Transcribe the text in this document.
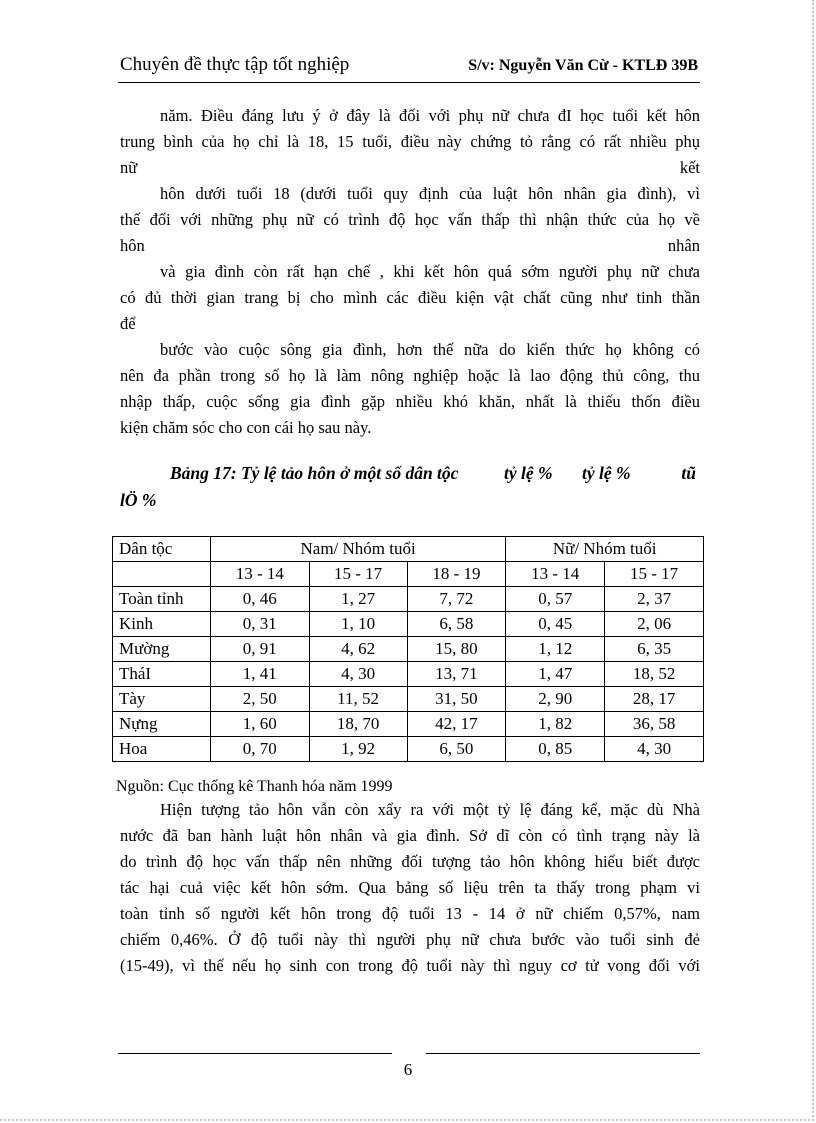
Chuyên đề thực tập tốt nghiệp	S/v: Nguyễn Văn Cừ - KTLĐ 39B
năm. Điều đáng lưu ý ở đây là đối với phụ nữ chưa đI học tuổi kết hôn
trung bình của họ chỉ là 18, 15 tuổi, điều này chứng tỏ rằng có rất nhiều phụ
nữ	kết
hôn dưới tuổi 18 (dưới tuổi quy định của luật hôn nhân gia đình), vì
thế đối với những phụ nữ có trình độ học vấn thấp thì nhận thức của họ về
hôn	nhân
và gia đình còn rất hạn chế , khi kết hôn quá sớm người phụ nữ chưa
có đủ thời gian trang bị cho mình các điều kiện vật chất cũng như tinh thần
để
bước vào cuộc sông gia đình, hơn thế nữa do kiến thức họ không có
nên đa phần trong số họ là làm nông nghiệp hoặc là lao động thủ công, thu
nhập thấp, cuộc sống gia đình gặp nhiều khó khăn, nhất là thiếu thốn điều
kiện chăm sóc cho con cái họ sau này.
Bảng 17: Tỷ lệ tảo hôn ở một số dân tộc	tỷ lệ % tỷ lệ %	tũ
lÖ %
Dân tộc	Nam/ Nhóm tuổi			Nữ/ Nhóm tuổi	
	13 - 14	15 - 17	18 - 19	13 - 14	15 - 17
Toàn tỉnh	0, 46	1, 27	7, 72	0, 57	2, 37
Kinh	0, 31	1, 10	6, 58	0, 45	2, 06
Mường	0, 91	4, 62	15, 80	1, 12	6, 35
TháI	1, 41	4, 30	13, 71	1, 47	18, 52
Tày	2, 50	11, 52	31, 50	2, 90	28, 17
Nựng	1, 60	18, 70	42, 17	1, 82	36, 58
Hoa	0, 70	1, 92	6, 50	0, 85	4, 30
Nguồn: Cục thống kê Thanh hóa năm 1999
Hiện tượng tảo hôn vẫn còn xẩy ra với một tỷ lệ đáng kể, mặc dù Nhà
nước đã ban hành luật hôn nhân và gia đình. Sở dĩ còn có tình trạng này là
do trình độ học vấn thấp nên những đối tượng tảo hôn không hiểu biết được
tác hại cuả việc kết hôn sớm. Qua bảng số liệu trên ta thấy trong phạm vi
toàn tỉnh số người kết hôn trong độ tuổi 13 - 14 ở nữ chiếm 0,57%, nam
chiếm 0,46%. Ở độ tuổi này thì người phụ nữ chưa bước vào tuổi sinh đẻ
(15-49), vì thế nếu họ sinh con trong độ tuổi này thì nguy cơ tử vong đối với
6
